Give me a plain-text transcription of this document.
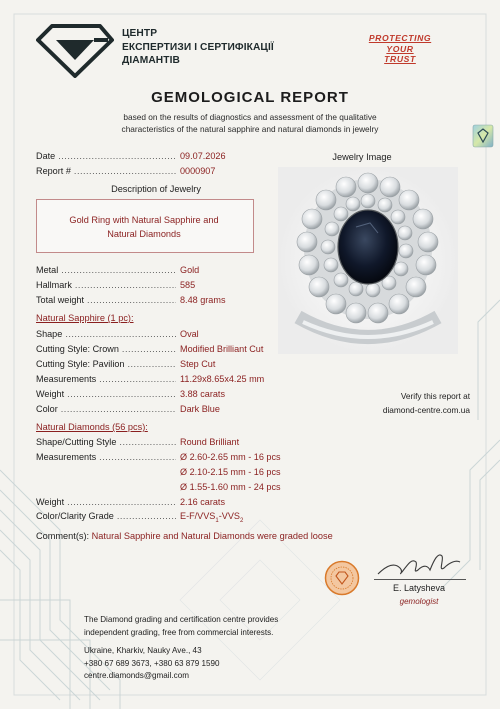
ЦЕНТР
ЕКСПЕРТИЗИ І СЕРТИФІКАЦІЇ
ДІАМАНТІВ
PROTECTING
YOUR
TRUST
GEMOLOGICAL REPORT
based on the results of diagnostics and assessment of the qualitative
characteristics of the natural sapphire and natural diamonds in jewelry
Date .....	09.07.2026
Report # .....	0000907
Description of Jewelry
Gold Ring with Natural Sapphire and
Natural Diamonds
Jewelry Image
Metal .....	Gold
Hallmark .....	585
Total weight .....	8.48 grams
Natural Sapphire (1 pc):
Shape .....	Oval
Cutting Style: Crown .....	Modified Brilliant Cut
Cutting Style: Pavilion .....	Step Cut
Measurements .....	11.29x8.65x4.25 mm
Weight .....	3.88 carats
Color .....	Dark Blue
Verify this report at
diamond-centre.com.ua
Natural Diamonds (56 pcs):
Shape/Cutting Style .....	Round Brilliant
Measurements .....	Ø 2.60-2.65 mm - 16 pcs
Ø 2.10-2.15 mm - 16 pcs
Ø 1.55-1.60 mm - 24 pcs
Weight .....	2.16 carats
Color/Clarity Grade .....	$E-F/VVS_1-VVS_2$
Comment(s): Natural Sapphire and Natural Diamonds were graded loose
E. Latysheva
gemologist
The Diamond grading and certification centre provides
independent grading, free from commercial interests.
Ukraine, Kharkiv, Nauky Ave., 43
+380 67 689 3673, +380 63 879 1590
centre.diamonds@gmail.com
